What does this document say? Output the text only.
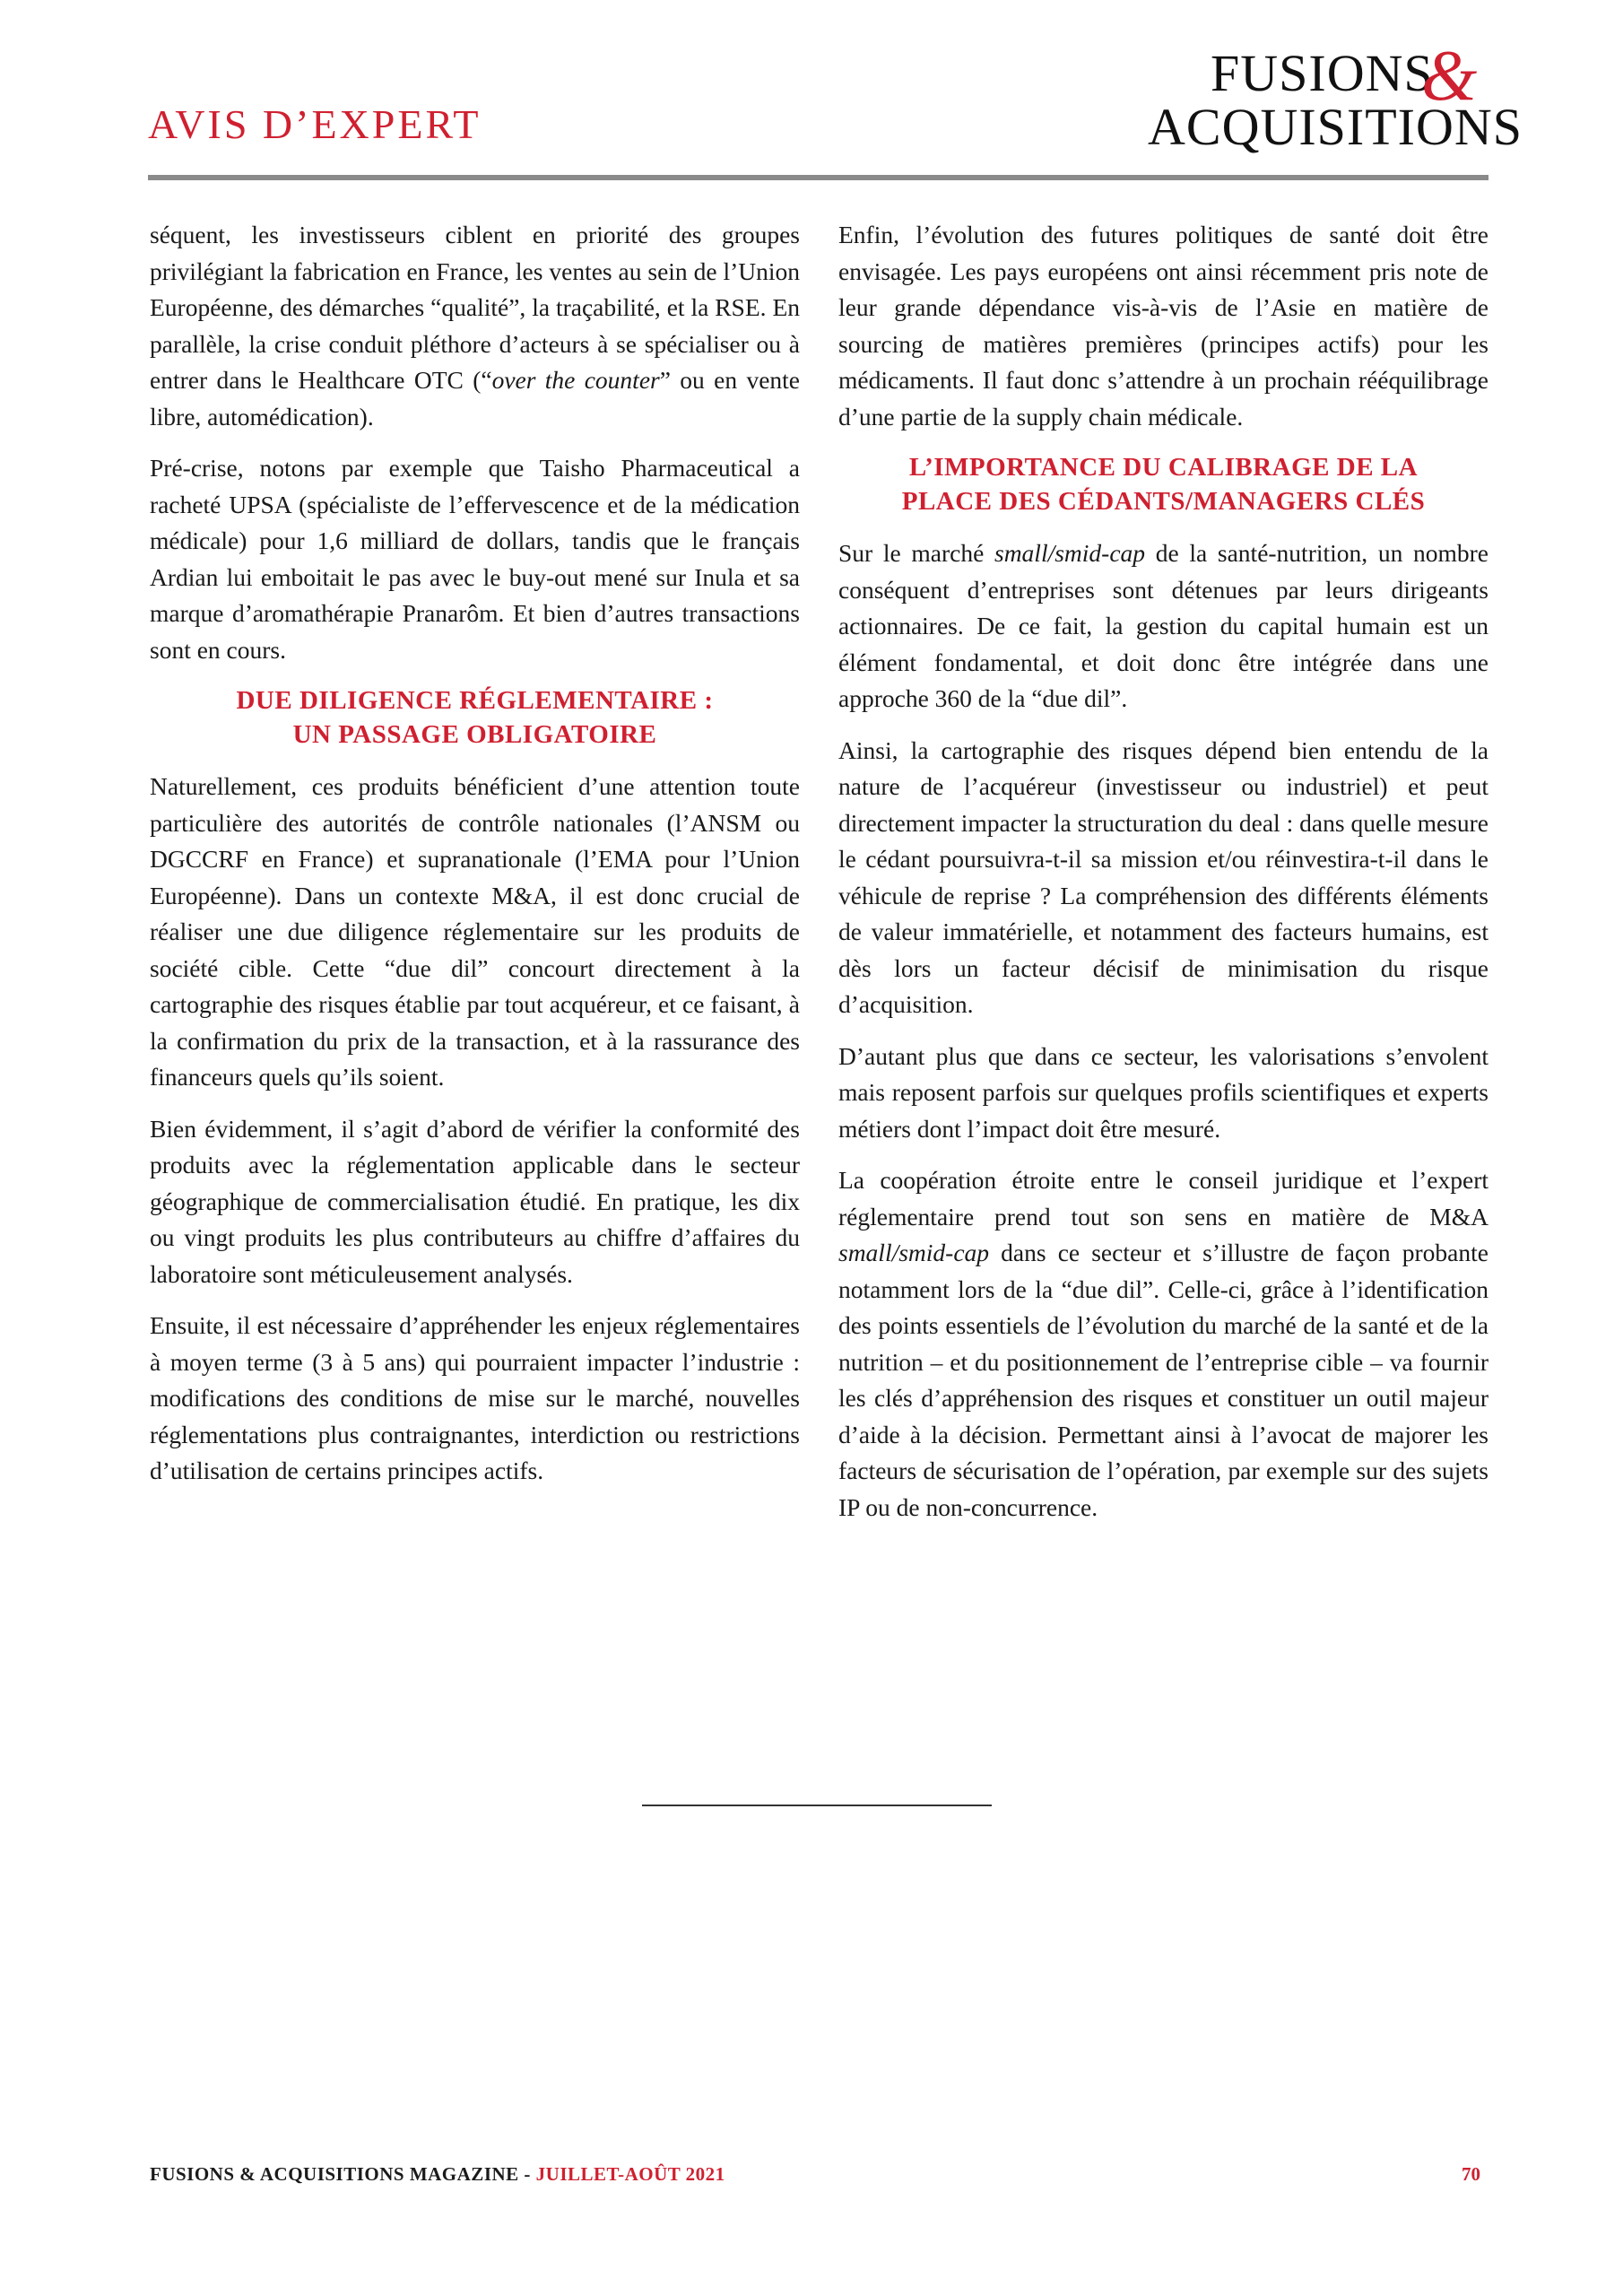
AVIS D’EXPERT
FUSIONS
&
ACQUISITIONS

séquent, les investisseurs ciblent en priorité des groupes privilégiant la fabrication en France, les ventes au sein de l’Union Européenne, des démarches “qualité”, la traçabilité, et la RSE. En parallèle, la crise conduit pléthore d’acteurs à se spécialiser ou à entrer dans le Healthcare OTC (“over the counter” ou en vente libre, automédication).

Pré-crise, notons par exemple que Taisho Pharmaceutical a racheté UPSA (spécialiste de l’effervescence et de la médication médicale) pour 1,6 milliard de dollars, tandis que le français Ardian lui emboitait le pas avec le buy-out mené sur Inula et sa marque d’aromathérapie Pranarôm. Et bien d’autres transactions sont en cours.

DUE DILIGENCE RÉGLEMENTAIRE :
UN PASSAGE OBLIGATOIRE

Naturellement, ces produits bénéficient d’une attention toute particulière des autorités de contrôle nationales (l’ANSM ou DGCCRF en France) et supranationale (l’EMA pour l’Union Européenne). Dans un contexte M&A, il est donc crucial de réaliser une due diligence réglementaire sur les produits de société cible. Cette “due dil” concourt directement à la cartographie des risques établie par tout acquéreur, et ce faisant, à la confirmation du prix de la transaction, et à la rassurance des financeurs quels qu’ils soient.

Bien évidemment, il s’agit d’abord de vérifier la conformité des produits avec la réglementation applicable dans le secteur géographique de commercialisation étudié. En pratique, les dix ou vingt produits les plus contributeurs au chiffre d’affaires du laboratoire sont méticuleusement analysés.

Ensuite, il est nécessaire d’appréhender les enjeux réglementaires à moyen terme (3 à 5 ans) qui pourraient impacter l’industrie : modifications des conditions de mise sur le marché, nouvelles réglementations plus contraignantes, interdiction ou restrictions d’utilisation de certains principes actifs.

Enfin, l’évolution des futures politiques de santé doit être envisagée. Les pays européens ont ainsi récemment pris note de leur grande dépendance vis-à-vis de l’Asie en matière de sourcing de matières premières (principes actifs) pour les médicaments. Il faut donc s’attendre à un prochain rééquilibrage d’une partie de la supply chain médicale.

L’IMPORTANCE DU CALIBRAGE DE LA
PLACE DES CÉDANTS/MANAGERS CLÉS

Sur le marché small/smid-cap de la santé-nutrition, un nombre conséquent d’entreprises sont détenues par leurs dirigeants actionnaires. De ce fait, la gestion du capital humain est un élément fondamental, et doit donc être intégrée dans une approche 360 de la “due dil”.

Ainsi, la cartographie des risques dépend bien entendu de la nature de l’acquéreur (investisseur ou industriel) et peut directement impacter la structuration du deal : dans quelle mesure le cédant poursuivra-t-il sa mission et/ou réinvestira-t-il dans le véhicule de reprise ? La compréhension des différents éléments de valeur immatérielle, et notamment des facteurs humains, est dès lors un facteur décisif de minimisation du risque d’acquisition.

D’autant plus que dans ce secteur, les valorisations s’envolent mais reposent parfois sur quelques profils scientifiques et experts métiers dont l’impact doit être mesuré.

La coopération étroite entre le conseil juridique et l’expert réglementaire prend tout son sens en matière de M&A small/smid-cap dans ce secteur et s’illustre de façon probante notamment lors de la “due dil”. Celle-ci, grâce à l’identification des points essentiels de l’évolution du marché de la santé et de la nutrition – et du positionnement de l’entreprise cible – va fournir les clés d’appréhension des risques et constituer un outil majeur d’aide à la décision. Permettant ainsi à l’avocat de majorer les facteurs de sécurisation de l’opération, par exemple sur des sujets IP ou de non-concurrence.

FUSIONS & ACQUISITIONS MAGAZINE - JUILLET-AOÛT 2021	70
